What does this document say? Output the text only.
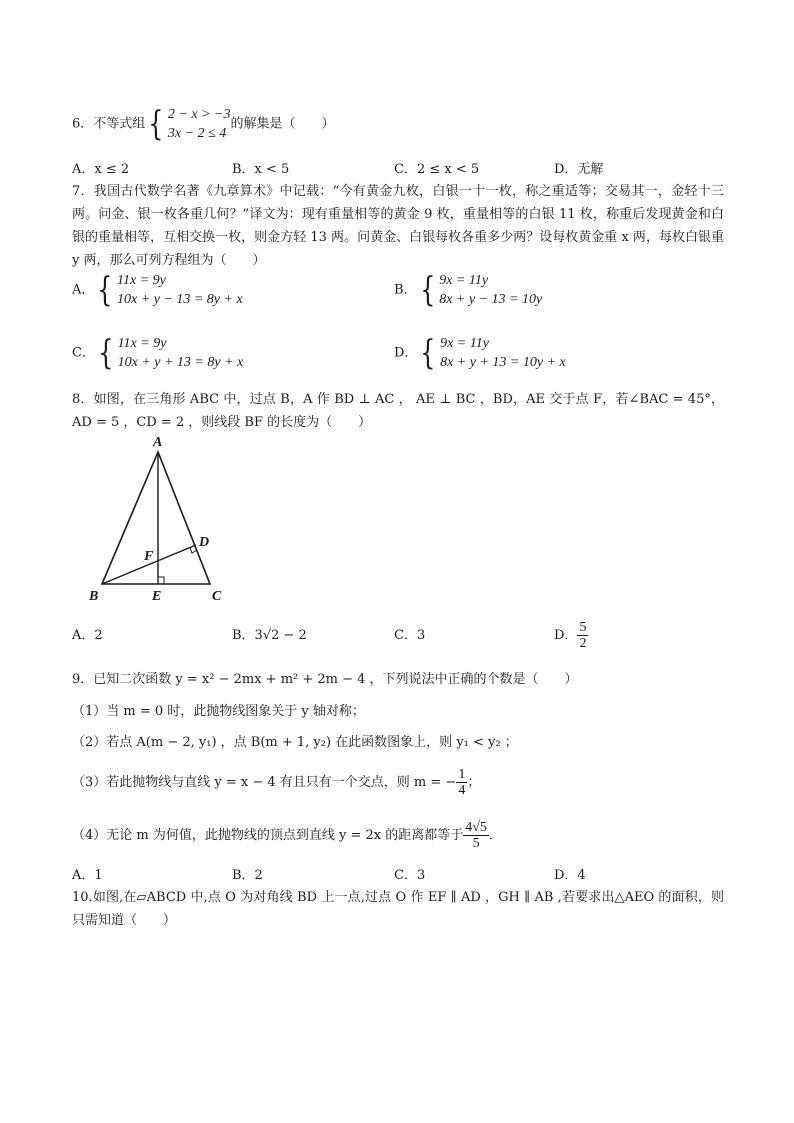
6．不等式组 { 2 − x > −3
3x − 2 ≤ 4
的解集是（　　）
A．x ≤ 2	B．x < 5	C．2 ≤ x < 5	D．无解
7．我国古代数学名著《九章算术》中记载：“今有黄金九枚，白银一十一枚，称之重适等；交易其一，金轻十三两。问金、银一枚各重几何？”译文为：现有重量相等的黄金 9 枚，重量相等的白银 11 枚，称重后发现黄金和白银的重量相等，互相交换一枚，则金方轻 13 两。问黄金、白银每枚各重多少两？设每枚黄金重 x 两，每枚白银重 y 两，那么可列方程组为（　　）
A． { 11x = 9y
10x + y − 13 = 8y + x
B． { 9x = 11y
8x + y − 13 = 10y
C． { 11x = 9y
10x + y + 13 = 8y + x
D． { 9x = 11y
8x + y + 13 = 10y + x
8．如图，在三角形 ABC 中，过点 B，A 作 BD ⊥ AC ， AE ⊥ BC ，BD，AE 交于点 F，若∠BAC = 45°，AD = 5 ，CD = 2 ，则线段 BF 的长度为（　　）
A
B	C
D
E
F
A．2	B．3√2 − 2	C．3	D． $\frac{5}{2}$
9．已知二次函数 y = x² − 2mx + m² + 2m − 4 ，下列说法中正确的个数是（　　）
（1）当 m = 0 时，此抛物线图象关于 y 轴对称；
（2）若点 A(m − 2, y₁) ，点 B(m + 1, y₂) 在此函数图象上，则 y₁ < y₂ ；
（3）若此抛物线与直线 y = x − 4 有且只有一个交点，则 m = − $\frac{1}{4}$ ；
（4）无论 m 为何值，此抛物线的顶点到直线 y = 2x 的距离都等于 $\frac{4√5}{5}$ ．
A．1	B．2	C．3	D．4
10.如图,在▱ABCD 中,点 O 为对角线 BD 上一点,过点 O 作 EF ∥ AD ，GH ∥ AB ,若要求出△AEO 的面积，则只需知道（　　）
